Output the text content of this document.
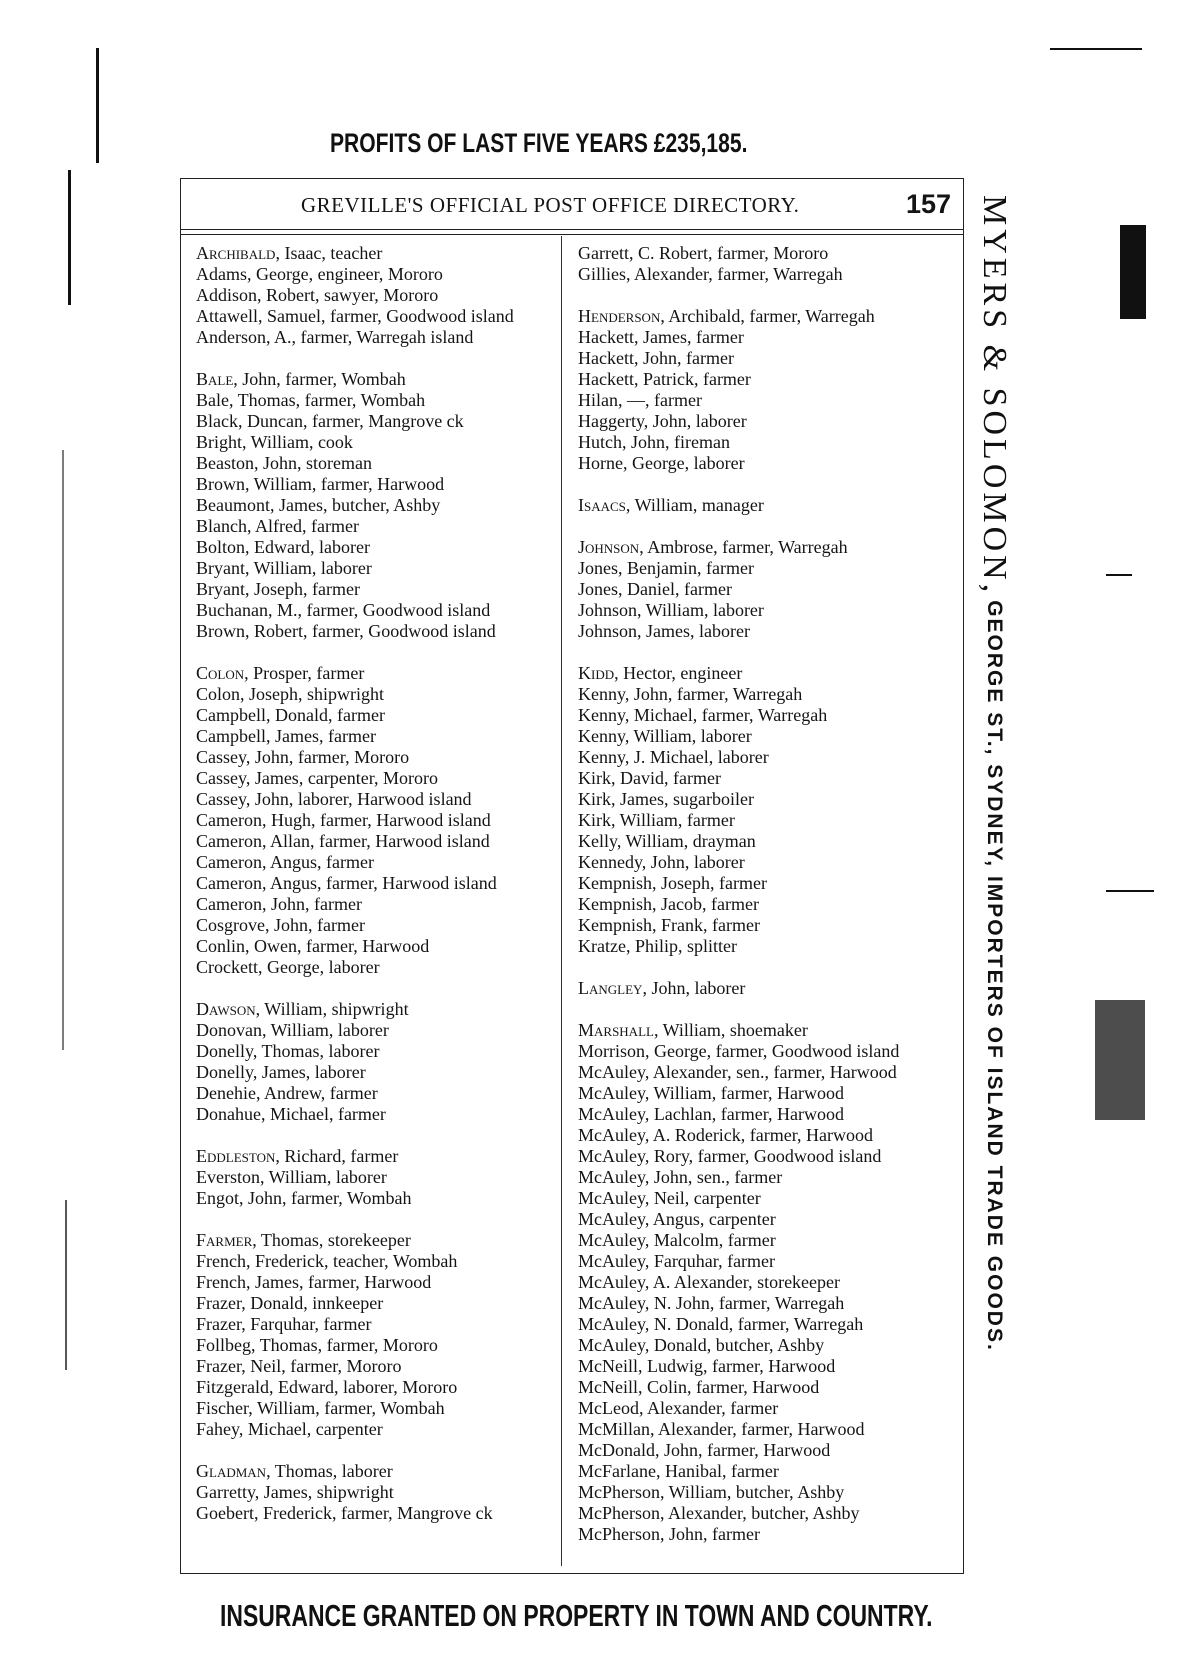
PROFITS OF LAST FIVE YEARS £235,185.
GREVILLE'S OFFICIAL POST OFFICE DIRECTORY.	157
Archibald, Isaac, teacher
Adams, George, engineer, Mororo
Addison, Robert, sawyer, Mororo
Attawell, Samuel, farmer, Goodwood island
Anderson, A., farmer, Warregah island
Bale, John, farmer, Wombah
Bale, Thomas, farmer, Wombah
Black, Duncan, farmer, Mangrove ck
Bright, William, cook
Beaston, John, storeman
Brown, William, farmer, Harwood
Beaumont, James, butcher, Ashby
Blanch, Alfred, farmer
Bolton, Edward, laborer
Bryant, William, laborer
Bryant, Joseph, farmer
Buchanan, M., farmer, Goodwood island
Brown, Robert, farmer, Goodwood island
Colon, Prosper, farmer
Colon, Joseph, shipwright
Campbell, Donald, farmer
Campbell, James, farmer
Cassey, John, farmer, Mororo
Cassey, James, carpenter, Mororo
Cassey, John, laborer, Harwood island
Cameron, Hugh, farmer, Harwood island
Cameron, Allan, farmer, Harwood island
Cameron, Angus, farmer
Cameron, Angus, farmer, Harwood island
Cameron, John, farmer
Cosgrove, John, farmer
Conlin, Owen, farmer, Harwood
Crockett, George, laborer
Dawson, William, shipwright
Donovan, William, laborer
Donelly, Thomas, laborer
Donelly, James, laborer
Denehie, Andrew, farmer
Donahue, Michael, farmer
Eddleston, Richard, farmer
Everston, William, laborer
Engot, John, farmer, Wombah
Farmer, Thomas, storekeeper
French, Frederick, teacher, Wombah
French, James, farmer, Harwood
Frazer, Donald, innkeeper
Frazer, Farquhar, farmer
Follbeg, Thomas, farmer, Mororo
Frazer, Neil, farmer, Mororo
Fitzgerald, Edward, laborer, Mororo
Fischer, William, farmer, Wombah
Fahey, Michael, carpenter
Gladman, Thomas, laborer
Garretty, James, shipwright
Goebert, Frederick, farmer, Mangrove ck
Garrett, C. Robert, farmer, Mororo
Gillies, Alexander, farmer, Warregah
Henderson, Archibald, farmer, Warregah
Hackett, James, farmer
Hackett, John, farmer
Hackett, Patrick, farmer
Hilan, —, farmer
Haggerty, John, laborer
Hutch, John, fireman
Horne, George, laborer
Isaacs, William, manager
Johnson, Ambrose, farmer, Warregah
Jones, Benjamin, farmer
Jones, Daniel, farmer
Johnson, William, laborer
Johnson, James, laborer
Kidd, Hector, engineer
Kenny, John, farmer, Warregah
Kenny, Michael, farmer, Warregah
Kenny, William, laborer
Kenny, J. Michael, laborer
Kirk, David, farmer
Kirk, James, sugarboiler
Kirk, William, farmer
Kelly, William, drayman
Kennedy, John, laborer
Kempnish, Joseph, farmer
Kempnish, Jacob, farmer
Kempnish, Frank, farmer
Kratze, Philip, splitter
Langley, John, laborer
Marshall, William, shoemaker
Morrison, George, farmer, Goodwood island
McAuley, Alexander, sen., farmer, Harwood
McAuley, William, farmer, Harwood
McAuley, Lachlan, farmer, Harwood
McAuley, A. Roderick, farmer, Harwood
McAuley, Rory, farmer, Goodwood island
McAuley, John, sen., farmer
McAuley, Neil, carpenter
McAuley, Angus, carpenter
McAuley, Malcolm, farmer
McAuley, Farquhar, farmer
McAuley, A. Alexander, storekeeper
McAuley, N. John, farmer, Warregah
McAuley, N. Donald, farmer, Warregah
McAuley, Donald, butcher, Ashby
McNeill, Ludwig, farmer, Harwood
McNeill, Colin, farmer, Harwood
McLeod, Alexander, farmer
McMillan, Alexander, farmer, Harwood
McDonald, John, farmer, Harwood
McFarlane, Hanibal, farmer
McPherson, William, butcher, Ashby
McPherson, Alexander, butcher, Ashby
McPherson, John, farmer
MYERS & SOLOMON, GEORGE ST., SYDNEY, IMPORTERS OF ISLAND TRADE GOODS.
INSURANCE GRANTED ON PROPERTY IN TOWN AND COUNTRY.
